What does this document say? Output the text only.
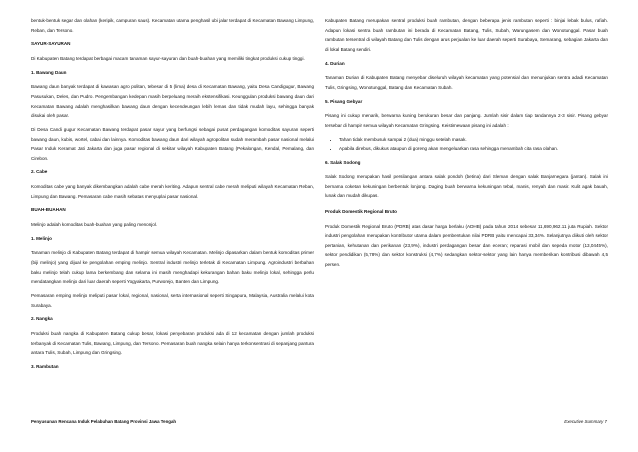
bentuk-bentuk segar dan olahan (keripik, campuran saus). Kecamatan utama penghasil ubi jalar terdapat di Kecamatan Bawang Limpung, Reban, dan Tersono.

SAYUR-SAYURAN

Di Kabupaten Batang terdapat berbagai macam tanaman sayur-sayuran dan buah-buahan yang memiliki tingkat produksi cukup tinggi.

1. Bawang Daun

Bawang daun banyak terdapat di kawasan agro politan, tebesar di 5 (lima) desa di Kecamatan Bawang, yaitu Desa Candigugur, Bawang Pasusukan, Deles, dan Pudro. Pengembangan kedepan masih berpeluang meraih ekstensifikasi. Keunggulan produksi bawang daun dari Kecamatan Bawang adalah menghasilkan bawang daun dengan kecendeungan lebih lemas dan tidak mudah layu, sehingga banyak disukai oleh pasar.

Di Desa Candi gugur Kecamatan Bawang terdapat pasar sayur yang berfungsi sebagai pusat perdagangan komoditas sayuran seperti bawang daun, kubis, wortel, cabai dan lainnya. Komoditas bawang daun dari wilayah agropolitan sudah merambah pasar nasional melalui Pasar Induk Keramat Jati Jakarta dan juga pasar regional di sekitar wilayah Kabupaten Batang (Pekalongan, Kendal, Pemalang, dan Cirebon.

2. Cabe

Komoditas cabe yang banyak dikembangkan adalah cabe merah keriting. Adapun sentral cabe merah meliputi wilayah Kecamatan Reban, Limpung dan Bawang. Pemasaran cabe masih sebatas menyuplai pasar nasional.

BUAH-BUAHAN

Melinjo adalah komoditas buah-buahan yang paling menonjol.

1. Melinjo

Tanaman melinjo di Kabupaten Batang terdapat di hampir semua wilayah Kecamatan. Melinjo dipasarkan dalam bentuk komoditas primer (biji melinjo) yang dijual ke pengolahan emping melinjo. Sentral industri melinjo terletak di Kecamatan Limpung. Agroindustri berbahan baku melinjo telah cukup lama berkembang dan selama ini masih menghadapi kekurangan bahan baku melinjo lokal, sehingga perlu mendatangkan melinjo dari luar daerah seperti Yogyakarta, Purworejo, Banten dan Limpung.

Pemasaran emping melinjo meliputi pasar lokal, regional, nasional, serta internasional seperti Singapura, Malaysia, Australia melalui kota Surabaya.

2. Nangka

Produksi buah nangka di Kabupaten Batang cukup besar, lokasi penyebaran produksi ada di 12 kecamatan dengan jumlah produksi terbanyak di Kecamatan Tulis, Bawang, Limpung, dan Tersono. Pemasaran buah nangka selain hanya terkonsentrasi di sepanjang pantura antara Tulis, Subah, Limpung dan Gringsing.

3. Rambutan

Kabupaten Batang merupakan sentral produksi buah rambutan, dengan beberapa jenis rambutan seperti : binjai lebak bulus, rafiah. Adapun lokasi sentra buah rambutan ini berada di Kecamatan Batang, Tulis, Subah, Warungasem dan Wonotunggal. Pasar buah rambutan tersentral di wilayah Batang dan Tulis dengan arus perjualan ke luar daerah seperti Surabaya, Semarang, sebagian Jakarta dan di lokal Batang sendiri.

4. Durian

Tanaman Durian di Kabupaten Batang menyebar diseluruh wilayah kecamatan yang potensial dan menunjukan sentra adadi Kecamatan Tulis, Gringsing, Wonotunggal, Batang dan Kecamatan Subah.

5. Pisang Gebyar

Pisang ini cukup menarik, berwarna kuning berukuran besar dan panjang. Jumlah sisir dalam tiap tandannya 2-3 sisir. Pisang gebyar tersebar di hampir semua wilayah Kecamatan Gringsing. Keistimewaan pisang ini adalah :

• Tahan tidak membusuk sampai 2 (dua) minggu setelah masak.
• Apabila direbus, dikukus ataupun di goreng akan mengeluarkan rasa sehingga menambah cita rasa olahan.
6. Salak Sodong

Salak Sodong merupakan hasil persilangan antara salak pondoh (betina) dari Sleman dengan salak Banjarnegara (jantan). Salak ini bernama coketan kekuningan berbentuk lonjong. Daging buah berwarna kekuningan tebal, manis, renyah dan masir. Kulit agak bauah, lunak dan mudah dikupas.

Produk Domestik Regional Bruto

Produk Domestik Regional Bruto (PDRB) atas dasar harga berlaku (ADHB) pada tahun 2014 sebesar 11,690,962.11 juta Rupiah. Sektor industri pengolahan merupakan kontributor utama dalam pembentukan nilai PDRB yaitu mencapai 33,34%. Selanjutnya diikuti oleh sektor pertanian, kehutanan dan perikanan (23,9%), industri perdagangan besar dan eceran; reparasi mobil dan sepeda motor (13,0445%), sektor pendidikan (5,78%) dan sektor konstruksi (4,7%) sedangkan sektor-sektor yang lain hanya memberikan kontribusi dibawah 4,5 persen.

Penyusunan Rencana Induk Pelabuhan Batang Provinsi Jawa Tengah	Executive Summary 7
